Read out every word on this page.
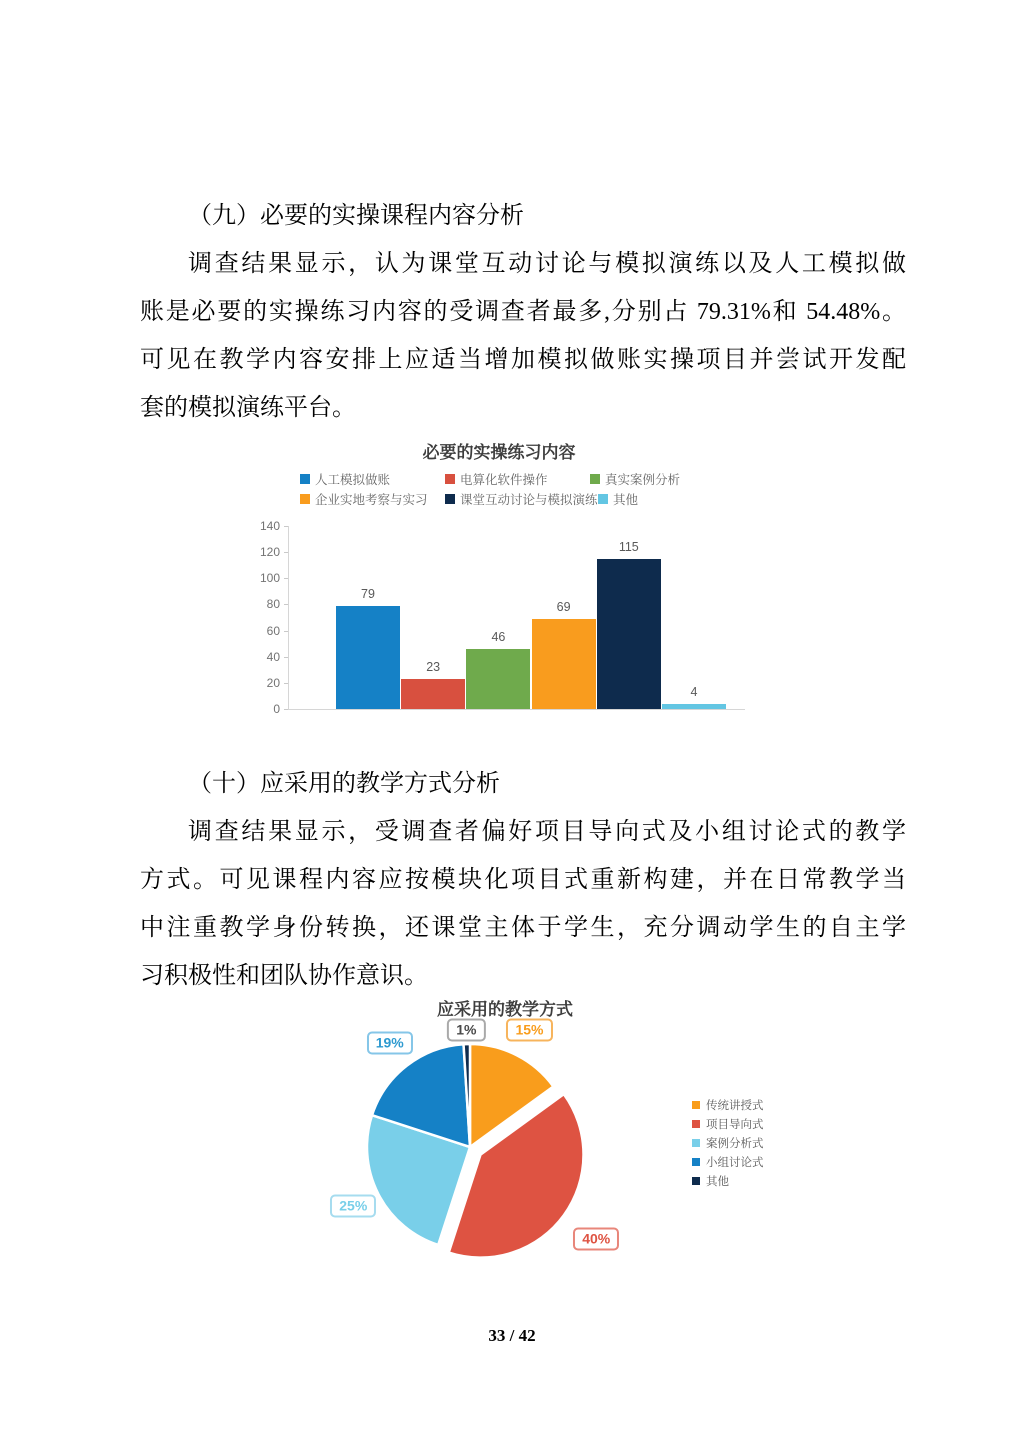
（九）必要的实操课程内容分析
调查结果显示，认为课堂互动讨论与模拟演练以及人工模拟做
账是必要的实操练习内容的受调查者最多,分别占 79.31%和 54.48%。
可见在教学内容安排上应适当增加模拟做账实操项目并尝试开发配
套的模拟演练平台。
必要的实操练习内容
人工模拟做账	电算化软件操作	真实案例分析
企业实地考察与实习	课堂互动讨论与模拟演练 其他
0
20
40
60
80
100
120
140
79
23
46
69
115
4
（十）应采用的教学方式分析
调查结果显示，受调查者偏好项目导向式及小组讨论式的教学
方式。可见课程内容应按模块化项目式重新构建，并在日常教学当
中注重教学身份转换，还课堂主体于学生，充分调动学生的自主学
习积极性和团队协作意识。
应采用的教学方式
15%
40%
25%
19%
1%
传统讲授式
项目导向式
案例分析式
小组讨论式
其他
33 / 42
